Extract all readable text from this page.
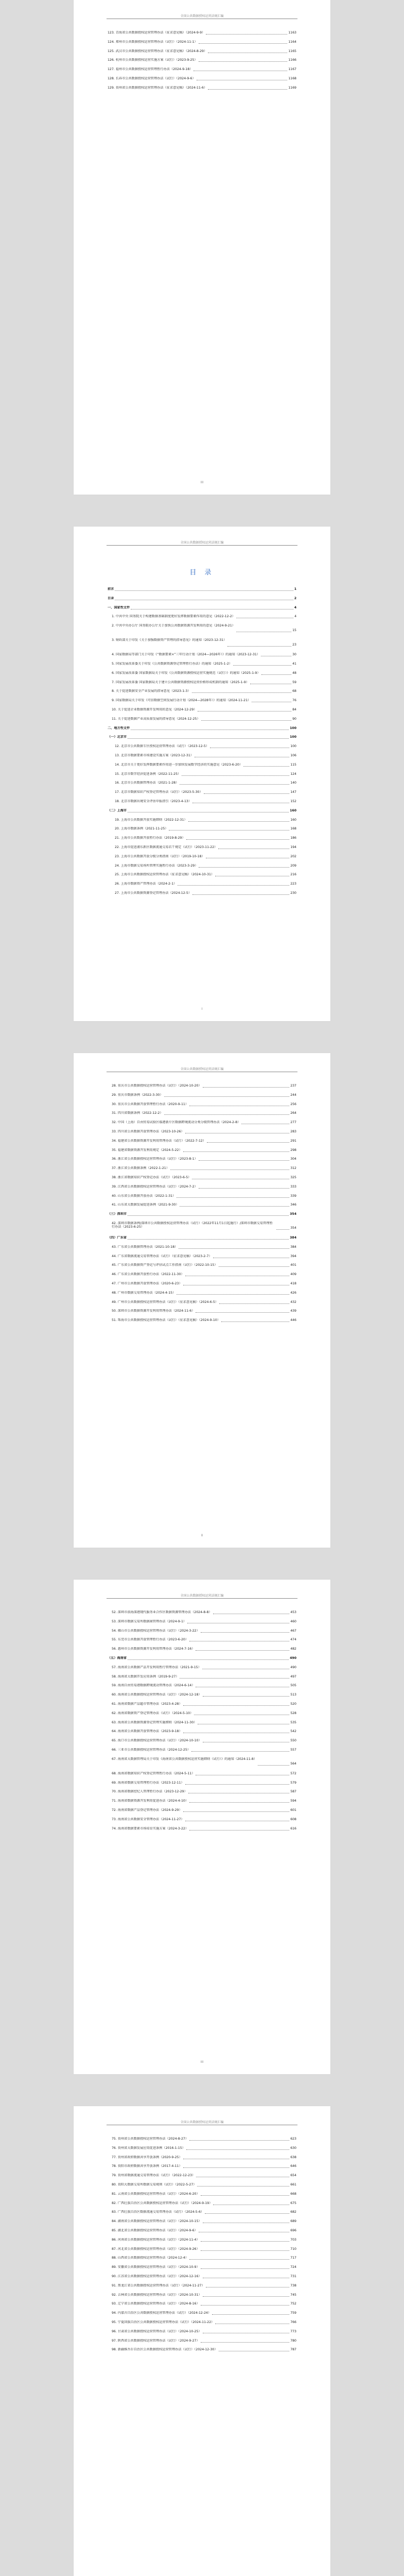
全国公共数据授权运营法规汇编
123. 青海省公共数据授权运营管理办法（征求意见稿）（2024-9-9）	1163
124. 郑州市公共数据授权运营管理办法（试行）（2024-11-1）	1164
125. 武汉市公共数据授权运营管理办法（征求意见稿）（2024-8-29）	1165
126. 杭州市公共数据授权运营实施方案（试行）（2023-9-25）	1166
127. 福州市公共数据授权运营管理暂行办法（2024-9-18）	1167
128. 长春市公共数据授权运营管理办法（试行）（2024-9-6）	1168
129. 贵州省公共数据授权运营管理办法（征求意见稿）（2024-11-6）	1169
III
全国公共数据授权运营法规汇编
目 录
前言	1
目录	2
一、国家性文件	4
1. 中共中央 国务院关于构建数据基础制度更好发挥数据要素作用的意见（2022-12-2）	4
2. 中共中央办公厅 国务院办公厅关于加快公共数据资源开发利用的意见（2024-9-21）
15
3. 财政部关于印发《关于加强数据资产管理的指导意见》的通知（2023-12-31）
23
4. 国家数据局等部门关于印发《“数据要素×”三年行动计划（2024—2026年）》的通知（2023-12-31）	30
5. 国家发展改革委关于印发《公共数据资源登记管理暂行办法》的通知（2025-1-2）	41
6. 国家发展改革委 国家数据局关于印发《公共数据资源授权运营实施规范（试行）》的通知（2025-1-9）	48
7. 国家发展改革委 国家数据局关于建立公共数据资源授权运营价格形成机制的通知（2025-1-9）	59
8. 关于促进数据安全产业发展的指导意见（2023-1-3）	68
9. 国家数据局关于印发《可信数据空间发展行动计划（2024—2028年）》的通知（2024-11-21）	76
10. 关于促进企业数据资源开发利用的意见（2024-12-29）	84
11. 关于促进数据产业高质量发展的指导意见（2024-12-25）	90
二、地方性文件	100
（一）北京市	100
12. 北京市公共数据专区授权运营管理办法（试行）（2023-12-5）	100
13. 北京市数据要素市场建设实施方案（2023-12-31）	106
14. 北京市关于更好发挥数据要素作用进一步加快发展数字经济的实施意见（2023-6-20）	115
15. 北京市数字经济促进条例（2022-11-25）	124
16. 北京市公共数据管理办法（2021-1-28）	140
17. 北京市数据知识产权登记管理办法（试行）（2023-5-30）	147
18. 北京市数据出境安全评估申报指引（2023-4-13）	152
（二）上海市	160
19. 上海市公共数据开放实施细则（2022-12-31）	160
20. 上海市数据条例（2021-11-25）	168
21. 上海市公共数据开放暂行办法（2019-8-29）	186
22. 上海市促进浦东新区数据流通交易若干规定（试行）（2023-11-22）	194
23. 上海市公共数据开放分级分类指南（试行）（2019-10-18）	202
24. 上海市数据交易场所管理实施暂行办法（2023-3-29）	209
25. 上海市公共数据授权运营管理办法（征求意见稿）（2024-10-31）	216
26. 上海市数据资产管理办法（2024-2-1）	223
27. 上海市公共数据资源登记管理办法（2024-12-5）	230
I
全国公共数据授权运营法规汇编
28. 重庆市公共数据授权运营管理办法（试行）（2024-10-20）	237
29. 重庆市数据条例（2022-3-30）	244
30. 重庆市公共数据开放管理暂行办法（2020-9-11）	256
31. 四川省数据条例（2022-12-2）	264
32. 中国（上海）自由贸易试验区临港新片区数据跨境流动分类分级管理办法（2024-2-8）	277
33. 四川省公共数据开放管理办法（2023-10-26）	283
34. 福建省公共数据资源开发利用管理办法（试行）（2022-7-12）	291
35. 福建省数据资源开发利用规定（2024-5-22）	298
36. 浙江省公共数据授权运营管理办法（试行）（2023-8-1）	304
37. 浙江省公共数据条例（2022-1-21）	312
38. 浙江省数据知识产权登记办法（试行）（2023-6-5）	325
39. 江西省公共数据授权运营管理办法（试行）（2024-7-2）	333
40. 山东省公共数据开放办法（2022-1-31）	339
41. 山东省大数据发展促进条例（2021-9-30）	346
（三）深圳市	354
42. 深圳市数据条例/深圳市公共数据授权运营管理办法（试行）（2022年11月1日起施行）/深圳市数据交易管理暂行办法（2023-6-25）	354
（四）广东省	384
43. 广东省公共数据管理办法（2021-10-18）	384
44. 广东省数据流通交易管理办法（试行）（征求意见稿）（2023-2-7）	394
45. 广东省公共数据资产登记与评估试点工作指南（试行）（2022-10-15）	401
46. 广东省公共数据开放暂行办法（2022-11-30）	409
47. 广州市公共数据开放管理办法（2020-6-23）	418
48. 广州市数据交易管理办法（2024-4-15）	426
49. 广州市公共数据授权运营管理办法（试行）（征求意见稿）（2024-6-5）	432
50. 深圳市公共数据资源开发利用管理办法（2024-11-6）	439
51. 珠海市公共数据授权运营管理办法（试行）（征求意见稿）（2024-9-10）	446
II
全国公共数据授权运营法规汇编
52. 深圳市前海深港现代服务业合作区数据资源管理办法（2024-8-8）	453
53. 深圳市数据交易所数据商管理办法（2024-9-1）	460
54. 佛山市公共数据授权运营管理办法（试行）（2024-3-22）	467
55. 东莞市公共数据开放管理暂行办法（2023-6-20）	474
56. 惠州市公共数据资源开发利用管理办法（2024-7-16）	482
（五）海南省	490
57. 海南省公共数据产品开发利用暂行管理办法（2021-9-15）	490
58. 海南省大数据开发应用条例（2019-9-27）	497
59. 海南自由贸易港数据跨境流动管理办法（2024-6-14）	505
60. 海南省公共数据授权运营管理办法（试行）（2024-12-18）	513
61. 海南省数据产品超市管理办法（2023-4-28）	520
62. 海南省数据资产登记管理办法（试行）（2024-5-10）	528
63. 海南省公共数据资源登记管理实施细则（2024-11-30）	535
64. 海南省公共数据开放管理办法（2023-9-18）	542
65. 海口市公共数据授权运营管理办法（试行）（2024-10-10）	550
66. 三亚市公共数据授权运营管理办法（2024-12-25）	557
67. 海南省大数据管理局关于印发《海南省公共数据授权运营实施细则（试行）》的通知（2024-11-8）
564
68. 海南省数据知识产权登记管理暂行办法（2024-5-11）	572
69. 海南省数据交易管理暂行办法（2023-12-11）	579
70. 海南省数据经纪人管理暂行办法（2023-12-29）	587
71. 海南省数据资源开发利用促进办法（2024-4-10）	594
72. 海南省数据产品登记管理办法（2024-9-29）	601
73. 海南省公共数据安全管理办法（2024-11-27）	608
74. 海南省数据要素市场培育实施方案（2024-3-22）	616
III
全国公共数据授权运营法规汇编
75. 贵州省公共数据授权运营管理办法（2024-8-27）	623
76. 贵州省大数据发展应用促进条例（2016-1-15）	630
77. 贵州省政府数据共享开放条例（2020-9-25）	638
78. 贵阳市政府数据共享开放条例（2017-4-11）	646
79. 贵州省数据流通交易管理办法（试行）（2022-12-23）	654
80. 贵阳大数据交易所数据交易规则（试行）（2022-5-27）	661
81. 云南省公共数据授权运营管理办法（试行）（2024-6-20）	668
82. 广西壮族自治区公共数据授权运营管理办法（试行）（2024-9-19）	675
83. 广西壮族自治区数据流通交易管理办法（试行）（2024-5-6）	682
84. 湖南省公共数据授权运营管理办法（试行）（2024-10-15）	689
85. 湖北省公共数据授权运营管理办法（试行）（2024-9-6）	696
86. 河南省公共数据授权运营管理办法（试行）（2024-11-4）	703
87. 河北省公共数据授权运营管理办法（试行）（2024-9-26）	710
88. 山西省公共数据授权运营管理办法（2024-12-4）	717
89. 安徽省公共数据授权运营管理办法（试行）（2024-10-9）	724
90. 江苏省公共数据授权运营管理办法（试行）（2024-12-16）	731
91. 黑龙江省公共数据授权运营管理办法（试行）（2024-11-27）	738
92. 吉林省公共数据授权运营管理办法（试行）（2024-10-31）	745
93. 辽宁省公共数据授权运营管理办法（试行）（2024-8-16）	752
94. 内蒙古自治区公共数据授权运营管理办法（试行）（2024-12-24）	759
95. 宁夏回族自治区公共数据授权运营管理办法（试行）（2024-11-22）	766
96. 甘肃省公共数据授权运营管理办法（试行）（2024-10-25）	773
97. 陕西省公共数据授权运营管理办法（试行）（2024-9-27）	780
98. 新疆维吾尔自治区公共数据授权运营管理办法（试行）（2024-12-30）	787
